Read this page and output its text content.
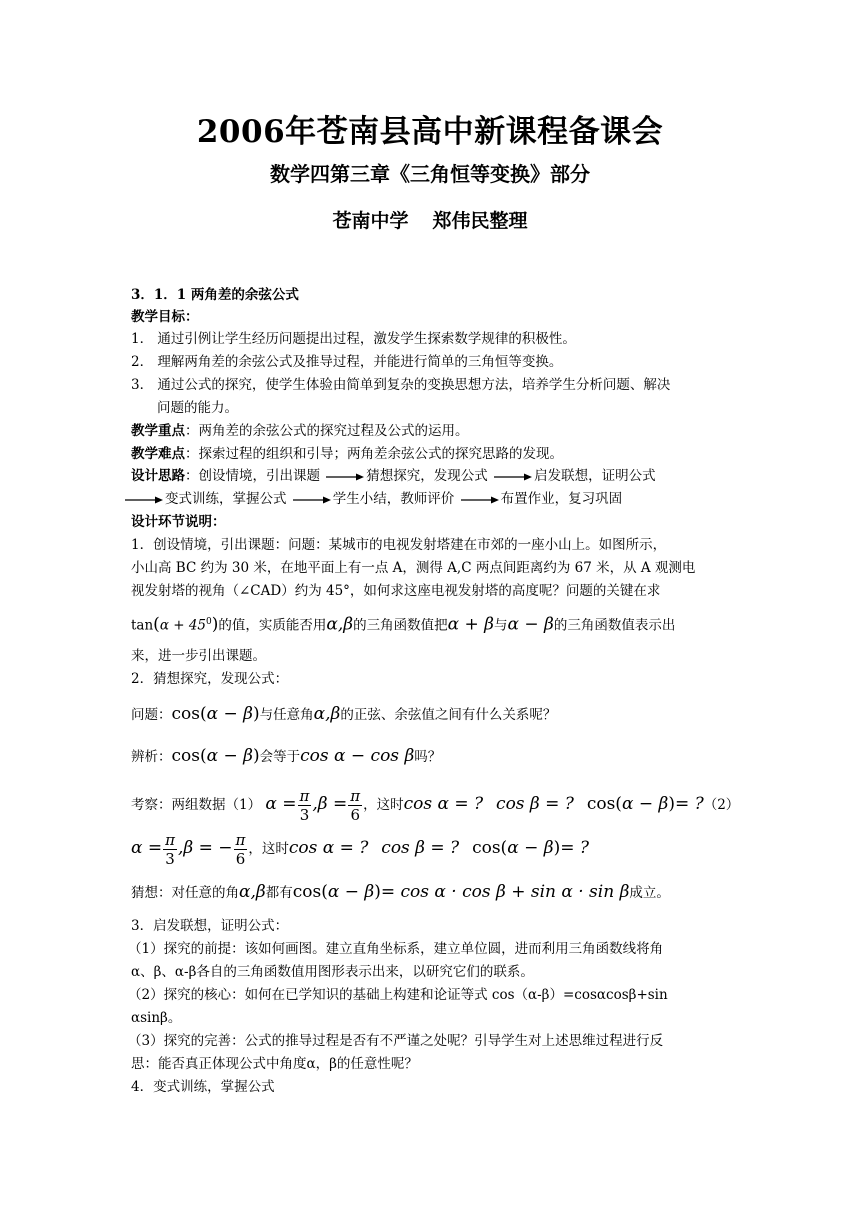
2006年苍南县高中新课程备课会
数学四第三章《三角恒等变换》部分
苍南中学 郑伟民整理
3．1．1 两角差的余弦公式
教学目标：
1． 通过引例让学生经历问题提出过程，激发学生探索数学规律的积极性。
2． 理解两角差的余弦公式及推导过程，并能进行简单的三角恒等变换。
3． 通过公式的探究，使学生体验由简单到复杂的变换思想方法，培养学生分析问题、解决
问题的能力。
教学重点：两角差的余弦公式的探究过程及公式的运用。
教学难点：探索过程的组织和引导；两角差余弦公式的探究思路的发现。
设计思路：创设情境，引出课题	猜想探究，发现公式	启发联想，证明公式
变式训练，掌握公式	学生小结，教师评价	布置作业，复习巩固
设计环节说明：
1．创设情境，引出课题：问题：某城市的电视发射塔建在市郊的一座小山上。如图所示，
小山高 BC 约为 30 米，在地平面上有一点 A，测得 A,C 两点间距离约为 67 米，从 A 观测电
视发射塔的视角（∠CAD）约为 45°，如何求这座电视发射塔的高度呢？问题的关键在求
$\tan(\alpha + 45^0)$的值，实质能否用α,β的三角函数值把α + β与α − β的三角函数值表示出
来，进一步引出课题。
2．猜想探究，发现公式：
问题：cos(α − β)与任意角α,β的正弦、余弦值之间有什么关系呢？
辨析：cos(α − β)会等于cos α − cos β吗？
考察：两组数据（1） $\alpha = \frac{\pi}{3} ,\beta = \frac{\pi}{6}$ ，这时cos α = ? cos β = ? cos(α − β)= ?（2）
$\alpha = \frac{\pi}{3} ,\beta$ = − $\frac{\pi}{6}$ ，这时cos α = ? cos β = ? cos(α − β)= ?
猜想：对任意的角α,β都有cos(α − β)= cos α · cos β + sin α · sin β成立。
3．启发联想，证明公式：
（1）探究的前提：该如何画图。建立直角坐标系，建立单位圆，进而利用三角函数线将角
α、β、α-β各自的三角函数值用图形表示出来，以研究它们的联系。
（2）探究的核心：如何在已学知识的基础上构建和论证等式 cos（α-β）=cosαcosβ+sin
αsinβ。
（3）探究的完善：公式的推导过程是否有不严谨之处呢？引导学生对上述思维过程进行反
思：能否真正体现公式中角度α，β的任意性呢？
4．变式训练，掌握公式
